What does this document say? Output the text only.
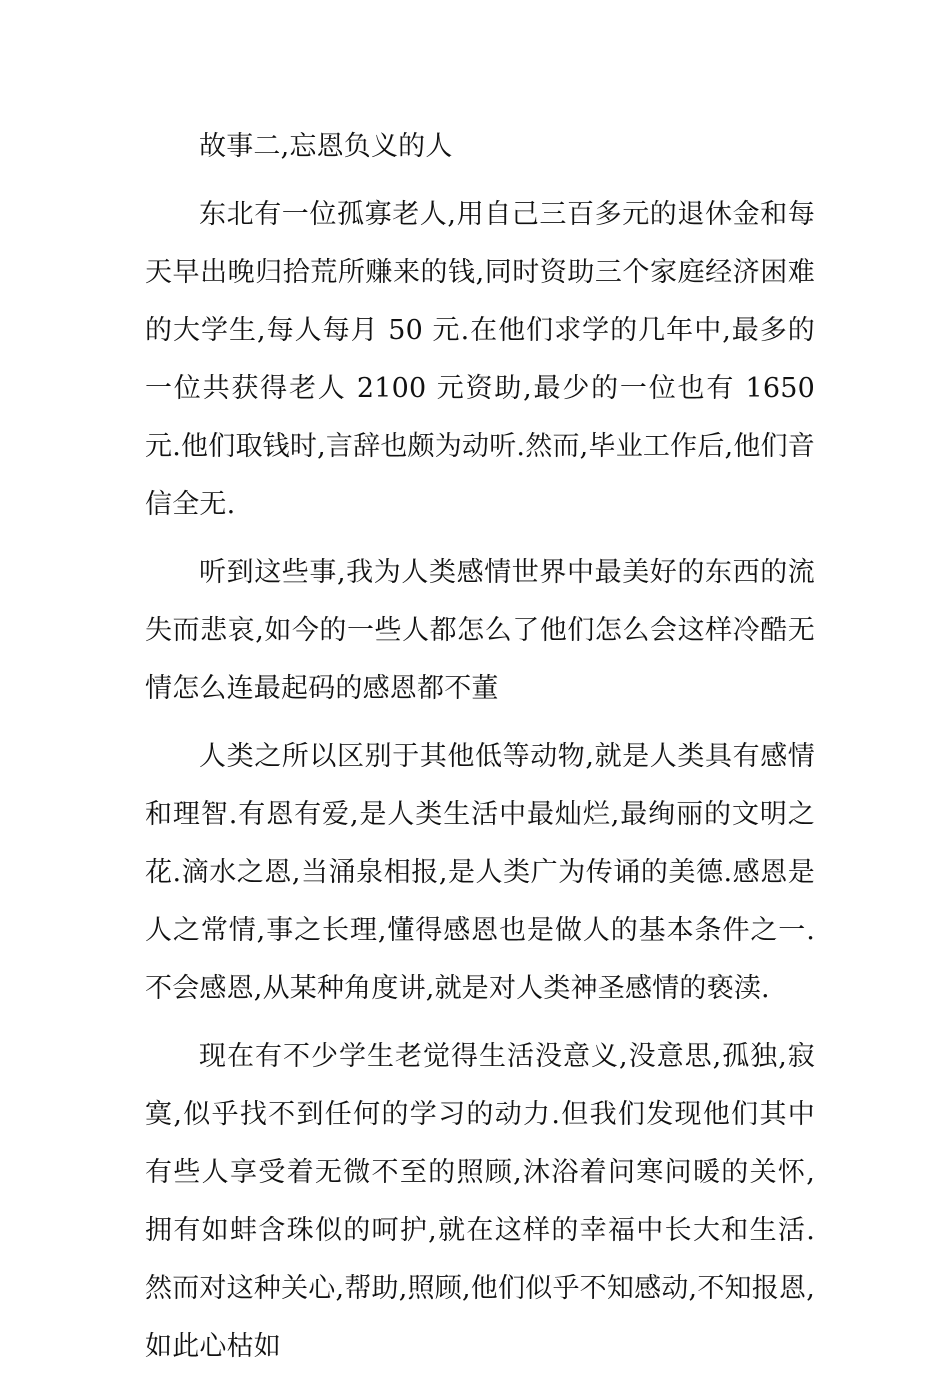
故事二,忘恩负义的人

东北有一位孤寡老人,用自己三百多元的退休金和每天早出晚归拾荒所赚来的钱,同时资助三个家庭经济困难的大学生,每人每月 50 元.在他们求学的几年中,最多的一位共获得老人 2100 元资助,最少的一位也有 1650 元.他们取钱时,言辞也颇为动听.然而,毕业工作后,他们音信全无.

听到这些事,我为人类感情世界中最美好的东西的流失而悲哀,如今的一些人都怎么了他们怎么会这样冷酷无情怎么连最起码的感恩都不董

人类之所以区别于其他低等动物,就是人类具有感情和理智.有恩有爱,是人类生活中最灿烂,最绚丽的文明之花.滴水之恩,当涌泉相报,是人类广为传诵的美德.感恩是人之常情,事之长理,懂得感恩也是做人的基本条件之一.不会感恩,从某种角度讲,就是对人类神圣感情的亵渎.

现在有不少学生老觉得生活没意义,没意思,孤独,寂寞,似乎找不到任何的学习的动力.但我们发现他们其中有些人享受着无微不至的照顾,沐浴着问寒问暖的关怀,拥有如蚌含珠似的呵护,就在这样的幸福中长大和生活.然而对这种关心,帮助,照顾,他们似乎不知感动,不知报恩,如此心枯如
